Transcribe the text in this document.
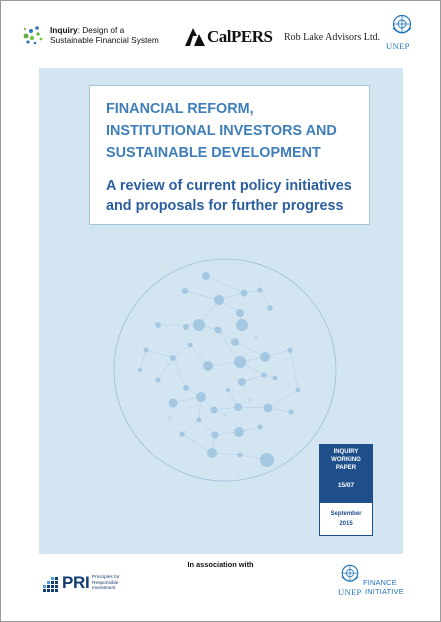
Inquiry: Design of a
Sustainable Financial System	CalPERS Rob Lake Advisors Ltd.
UNEP
FINANCIAL REFORM,
INSTITUTIONAL INVESTORS AND
SUSTAINABLE DEVELOPMENT
A review of current policy initiatives
and proposals for further progress
INQUIRY
WORKING
PAPER
15/07
September
2015
In association with
PRI Principles for
Responsible
Investment	UNEP
FINANCE
INITIATIVE
